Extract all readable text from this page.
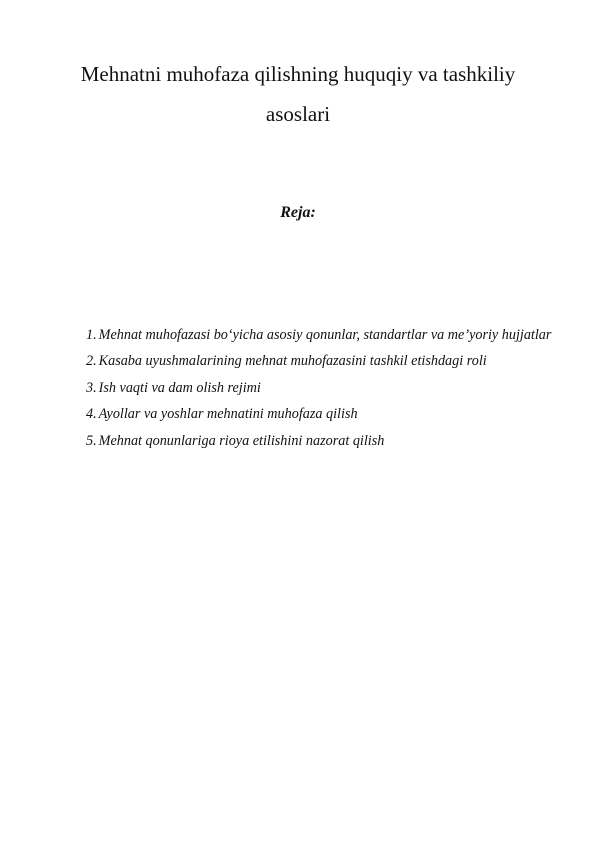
Mehnatni muhofaza qilishning huquqiy va tashkiliy
asoslari
Reja:
1. Mehnat muhofazasi bo‘yicha asosiy qonunlar, standartlar va me’yoriy hujjatlar
2. Kasaba uyushmalarining mehnat muhofazasini tashkil etishdagi roli
3. Ish vaqti va dam olish rejimi
4. Ayollar va yoshlar mehnatini muhofaza qilish
5. Mehnat qonunlariga rioya etilishini nazorat qilish
